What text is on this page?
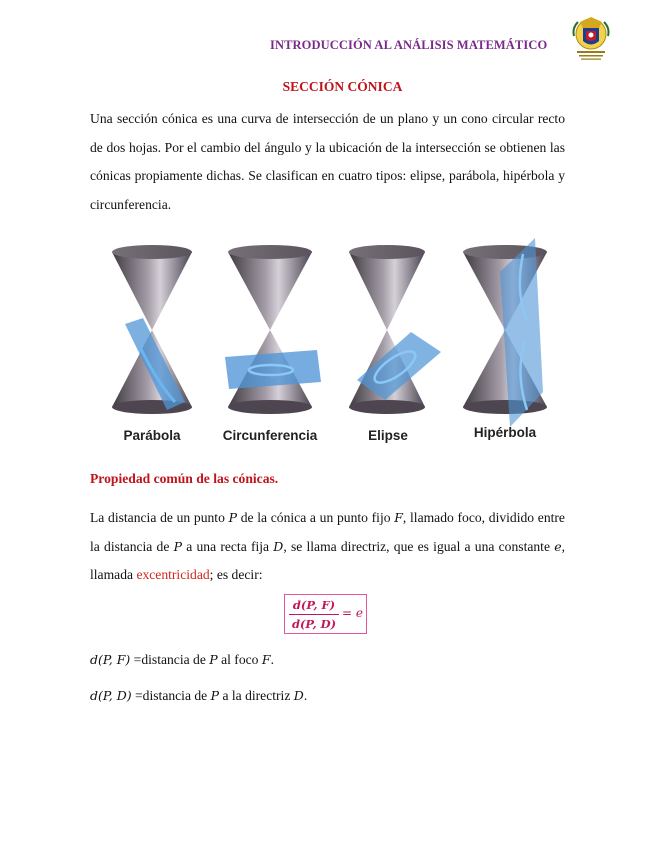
INTRODUCCIÓN AL ANÁLISIS MATEMÁTICO
SECCIÓN CÓNICA
Una sección cónica es una curva de intersección de un plano y un cono circular recto de dos hojas. Por el cambio del ángulo y la ubicación de la intersección se obtienen las cónicas propiamente dichas. Se clasifican en cuatro tipos: elipse, parábola, hipérbola y circunferencia.
Parábola	Circunferencia	Elipse	Hipérbola
Propiedad común de las cónicas.
La distancia de un punto P de la cónica a un punto fijo F, llamado foco, dividido entre la distancia de P a una recta fija D, se llama directriz, que es igual a una constante e, llamada excentricidad; es decir:
d(P, F)
d(P, D)
= e
d(P, F) =distancia de P al foco F.
d(P, D) =distancia de P a la directriz D.
